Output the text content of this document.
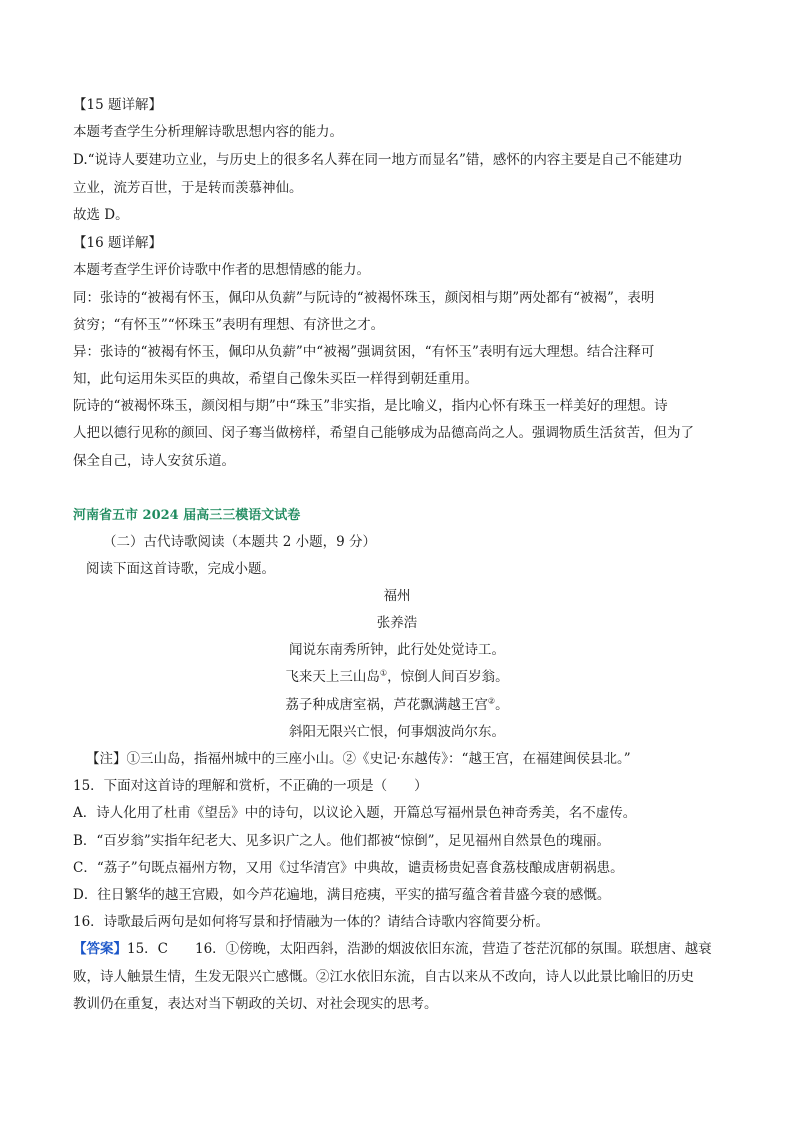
【15 题详解】
本题考查学生分析理解诗歌思想内容的能力。
D.“说诗人要建功立业，与历史上的很多名人葬在同一地方而显名”错，感怀的内容主要是自己不能建功
立业，流芳百世，于是转而羡慕神仙。
故选 D。
【16 题详解】
本题考查学生评价诗歌中作者的思想情感的能力。
同：张诗的“被褐有怀玉，佩印从负薪”与阮诗的“被褐怀珠玉，颜闵相与期”两处都有“被褐”，表明
贫穷；“有怀玉”“怀珠玉”表明有理想、有济世之才。
异：张诗的“被褐有怀玉，佩印从负薪”中“被褐”强调贫困，“有怀玉”表明有远大理想。结合注释可
知，此句运用朱买臣的典故，希望自己像朱买臣一样得到朝廷重用。
阮诗的“被褐怀珠玉，颜闵相与期”中“珠玉”非实指，是比喻义，指内心怀有珠玉一样美好的理想。诗
人把以德行见称的颜回、闵子骞当做榜样，希望自己能够成为品德高尚之人。强调物质生活贫苦，但为了
保全自己，诗人安贫乐道。
河南省五市 2024 届高三三模语文试卷
（二）古代诗歌阅读（本题共 2 小题，9 分）
阅读下面这首诗歌，完成小题。
福州
张养浩
闻说东南秀所钟，此行处处觉诗工。
飞来天上三山岛①，惊倒人间百岁翁。
荔子种成唐室祸，芦花飘满越王宫②。
斜阳无限兴亡恨，何事烟波尚尔东。
【注】①三山岛，指福州城中的三座小山。②《史记·东越传》：“越王宫，在福建闽侯县北。”
15．下面对这首诗的理解和赏析，不正确的一项是（　　）
A．诗人化用了杜甫《望岳》中的诗句，以议论入题，开篇总写福州景色神奇秀美，名不虚传。
B．“百岁翁”实指年纪老大、见多识广之人。他们都被“惊倒”，足见福州自然景色的瑰丽。
C．“荔子”句既点福州方物，又用《过华清宫》中典故，谴责杨贵妃喜食荔枝酿成唐朝祸患。
D．往日繁华的越王宫殿，如今芦花遍地，满目疮痍，平实的描写蕴含着昔盛今衰的感慨。
16．诗歌最后两句是如何将写景和抒情融为一体的？请结合诗歌内容简要分析。
【答案】15．C　　16．①傍晚，太阳西斜，浩渺的烟波依旧东流，营造了苍茫沉郁的氛围。联想唐、越衰
败，诗人触景生情，生发无限兴亡感慨。②江水依旧东流，自古以来从不改向，诗人以此景比喻旧的历史
教训仍在重复，表达对当下朝政的关切、对社会现实的思考。
